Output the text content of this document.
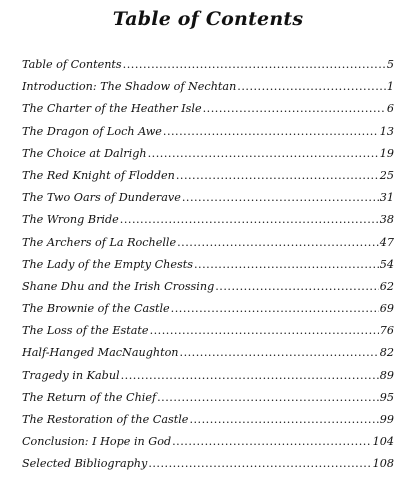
Table of Contents
Table of Contents .....	5
Introduction: The Shadow of Nechtan .....	1
The Charter of the Heather Isle .....	6
The Dragon of Loch Awe .....	13
The Choice at Dalrigh .....	19
The Red Knight of Flodden .....	25
The Two Oars of Dunderave .....	31
The Wrong Bride .....	38
The Archers of La Rochelle .....	47
The Lady of the Empty Chests .....	54
Shane Dhu and the Irish Crossing .....	62
The Brownie of the Castle .....	69
The Loss of the Estate .....	76
Half-Hanged MacNaughton .....	82
Tragedy in Kabul .....	89
The Return of the Chief .....	95
The Restoration of the Castle .....	99
Conclusion: I Hope in God .....	104
Selected Bibliography .....	108
